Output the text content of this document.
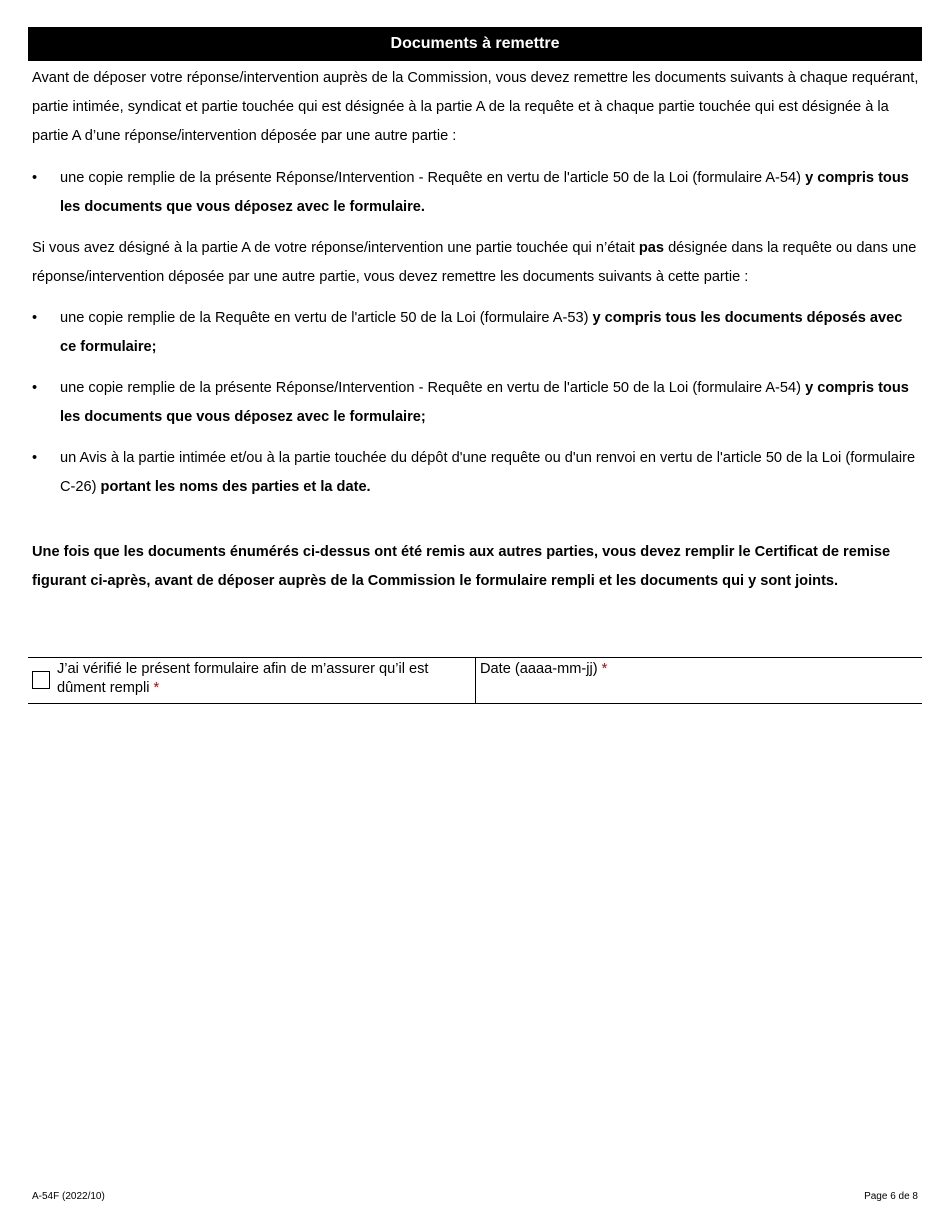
Documents à remettre
Avant de déposer votre réponse/intervention auprès de la Commission, vous devez remettre les documents suivants à chaque requérant, partie intimée, syndicat et partie touchée qui est désignée à la partie A de la requête et à chaque partie touchée qui est désignée à la partie A d’une réponse/intervention déposée par une autre partie :
• une copie remplie de la présente Réponse/Intervention - Requête en vertu de l'article 50 de la Loi (formulaire A-54) y compris tous les documents que vous déposez avec le formulaire.
Si vous avez désigné à la partie A de votre réponse/intervention une partie touchée qui n’était pas désignée dans la requête ou dans une réponse/intervention déposée par une autre partie, vous devez remettre les documents suivants à cette partie :
• une copie remplie de la Requête en vertu de l'article 50 de la Loi (formulaire A-53) y compris tous les documents déposés avec ce formulaire;
• une copie remplie de la présente Réponse/Intervention - Requête en vertu de l'article 50 de la Loi (formulaire A-54) y compris tous les documents que vous déposez avec le formulaire;
• un Avis à la partie intimée et/ou à la partie touchée du dépôt d'une requête ou d'un renvoi en vertu de l'article 50 de la Loi (formulaire C-26) portant les noms des parties et la date.
Une fois que les documents énumérés ci-dessus ont été remis aux autres parties, vous devez remplir le Certificat de remise figurant ci-après, avant de déposer auprès de la Commission le formulaire rempli et les documents qui y sont joints.
J’ai vérifié le présent formulaire afin de m’assurer qu’il est dûment rempli *
Date (aaaa-mm-jj) *
A-54F (2022/10)	Page 6 de 8
